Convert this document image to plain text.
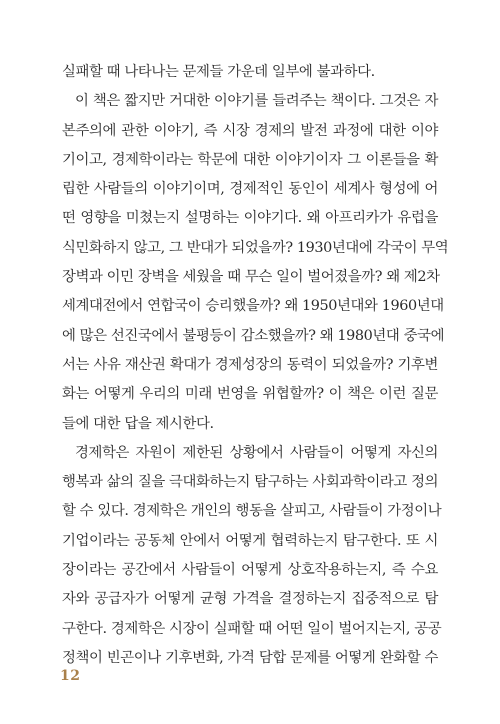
실패할 때 나타나는 문제들 가운데 일부에 불과하다.
이 책은 짧지만 거대한 이야기를 들려주는 책이다. 그것은 자
본주의에 관한 이야기, 즉 시장 경제의 발전 과정에 대한 이야
기이고, 경제학이라는 학문에 대한 이야기이자 그 이론들을 확
립한 사람들의 이야기이며, 경제적인 동인이 세계사 형성에 어
떤 영향을 미쳤는지 설명하는 이야기다. 왜 아프리카가 유럽을
식민화하지 않고, 그 반대가 되었을까? 1930년대에 각국이 무역
장벽과 이민 장벽을 세웠을 때 무슨 일이 벌어졌을까? 왜 제2차
세계대전에서 연합국이 승리했을까? 왜 1950년대와 1960년대
에 많은 선진국에서 불평등이 감소했을까? 왜 1980년대 중국에
서는 사유 재산권 확대가 경제성장의 동력이 되었을까? 기후변
화는 어떻게 우리의 미래 번영을 위협할까? 이 책은 이런 질문
들에 대한 답을 제시한다.
경제학은 자원이 제한된 상황에서 사람들이 어떻게 자신의
행복과 삶의 질을 극대화하는지 탐구하는 사회과학이라고 정의
할 수 있다. 경제학은 개인의 행동을 살피고, 사람들이 가정이나
기업이라는 공동체 안에서 어떻게 협력하는지 탐구한다. 또 시
장이라는 공간에서 사람들이 어떻게 상호작용하는지, 즉 수요
자와 공급자가 어떻게 균형 가격을 결정하는지 집중적으로 탐
구한다. 경제학은 시장이 실패할 때 어떤 일이 벌어지는지, 공공
정책이 빈곤이나 기후변화, 가격 담합 문제를 어떻게 완화할 수
12
